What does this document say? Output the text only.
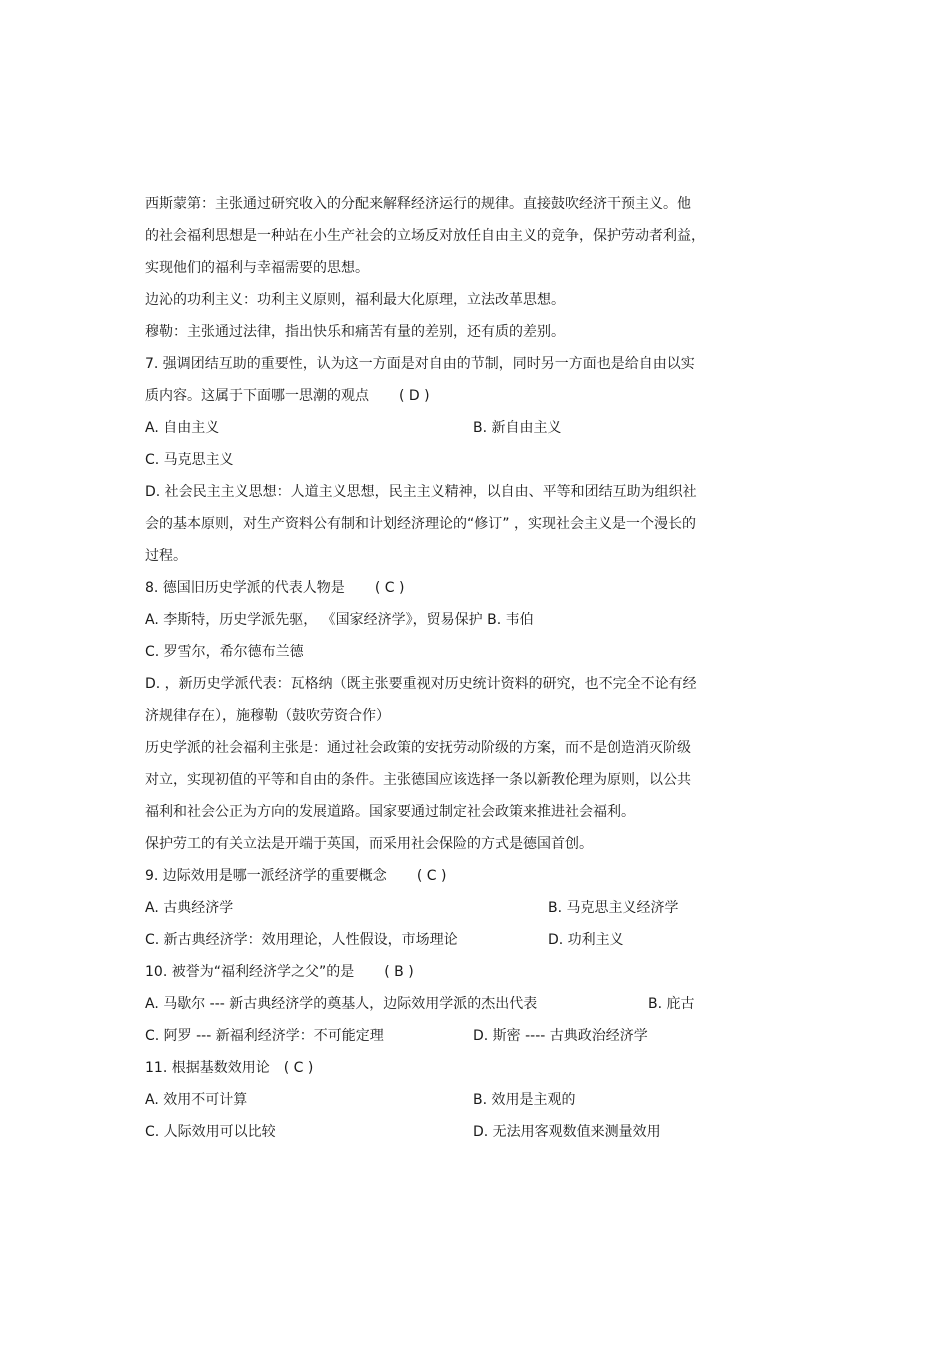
西斯蒙第：主张通过研究收入的分配来解释经济运行的规律。直接鼓吹经济干预主义。他
的社会福利思想是一种站在小生产社会的立场反对放任自由主义的竞争，保护劳动者利益，
实现他们的福利与幸福需要的思想。
边沁的功利主义：功利主义原则，福利最大化原理，立法改革思想。
穆勒：主张通过法律，指出快乐和痛苦有量的差别，还有质的差别。
7. 强调团结互助的重要性，认为这一方面是对自由的节制，同时另一方面也是给自由以实
质内容。这属于下面哪一思潮的观点 ( D )
A. 自由主义	B. 新自由主义
C. 马克思主义
D. 社会民主主义思想：人道主义思想，民主主义精神，以自由、平等和团结互助为组织社
会的基本原则，对生产资料公有制和计划经济理论的“修订” ，实现社会主义是一个漫长的
过程。
8. 德国旧历史学派的代表人物是 ( C )
A. 李斯特，历史学派先驱， 《国家经济学》，贸易保护 B. 韦伯
C. 罗雪尔，希尔德布兰德
D. ，新历史学派代表：瓦格纳（既主张要重视对历史统计资料的研究，也不完全不论有经
济规律存在），施穆勒（鼓吹劳资合作）
历史学派的社会福利主张是：通过社会政策的安抚劳动阶级的方案，而不是创造消灭阶级
对立，实现初值的平等和自由的条件。主张德国应该选择一条以新教伦理为原则，以公共
福利和社会公正为方向的发展道路。国家要通过制定社会政策来推进社会福利。
保护劳工的有关立法是开端于英国，而采用社会保险的方式是德国首创。
9. 边际效用是哪一派经济学的重要概念 ( C )
A. 古典经济学	B. 马克思主义经济学
C. 新古典经济学：效用理论，人性假设，市场理论	D. 功利主义
10. 被誉为“福利经济学之父”的是 ( B )
A. 马歇尔 --- 新古典经济学的奠基人，边际效用学派的杰出代表	B. 庇古
C. 阿罗 --- 新福利经济学：不可能定理	D. 斯密 ---- 古典政治经济学
11. 根据基数效用论 ( C )
A. 效用不可计算	B. 效用是主观的
C. 人际效用可以比较	D. 无法用客观数值来测量效用
